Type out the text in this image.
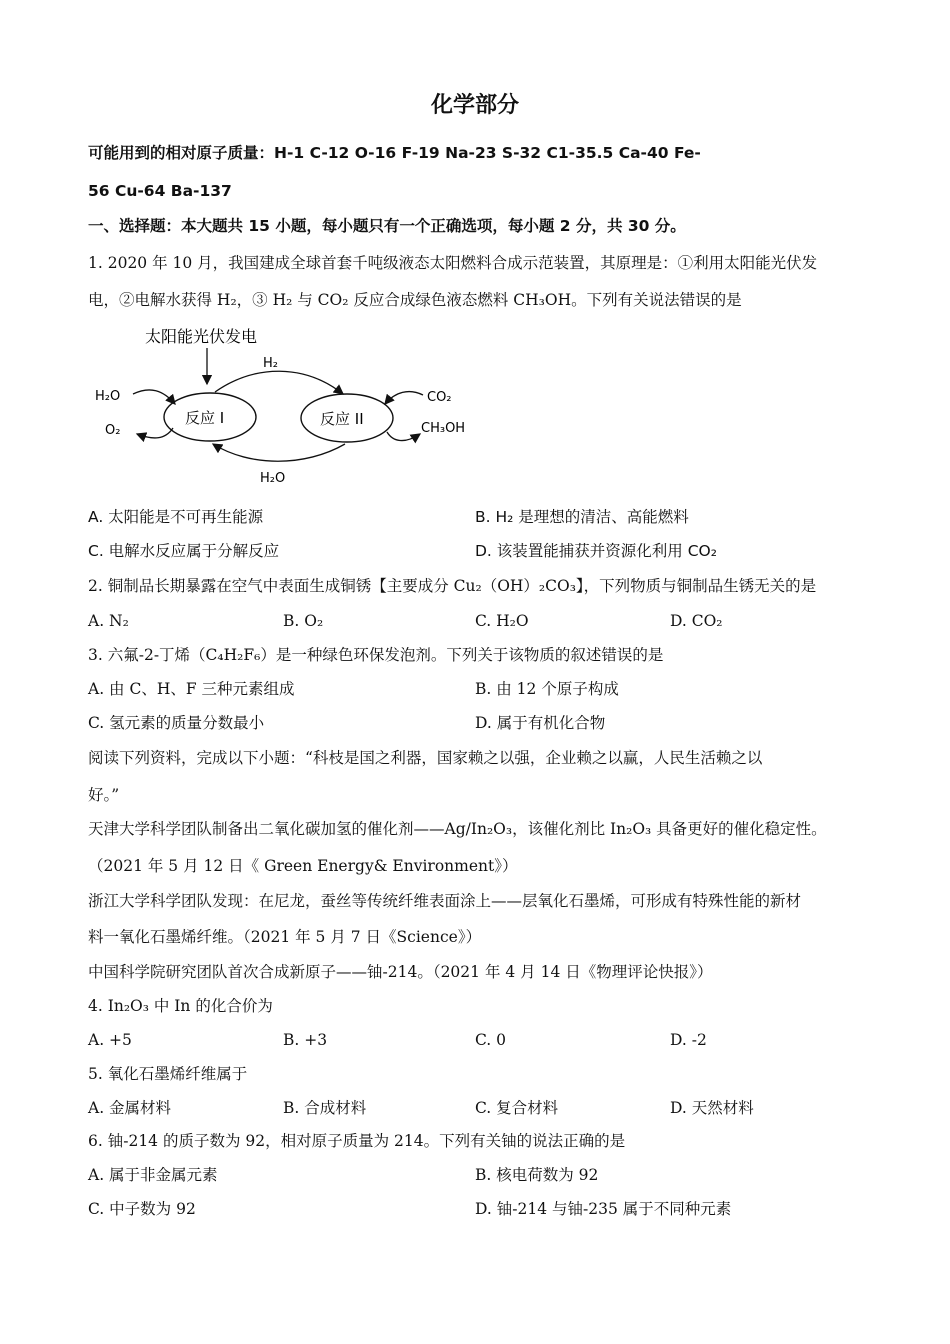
化学部分
可能用到的相对原子质量：H-1 C-12 O-16 F-19 Na-23 S-32 C1-35.5 Ca-40 Fe-
56 Cu-64 Ba-137
一、选择题：本大题共 15 小题，每小题只有一个正确选项，每小题 2 分，共 30 分。
1. 2020 年 10 月，我国建成全球首套千吨级液态太阳燃料合成示范装置，其原理是：①利用太阳能光伏发
电，②电解水获得 H₂，③ H₂ 与 CO₂ 反应合成绿色液态燃料 CH₃OH。下列有关说法错误的是
太阳能光伏发电
反应 I	反应 II
H₂
H₂O
H₂O
O₂
CO₂
CH₃OH
A. 太阳能是不可再生能源	B. H₂ 是理想的清洁、高能燃料
C. 电解水反应属于分解反应	D. 该装置能捕获并资源化利用 CO₂
2. 铜制品长期暴露在空气中表面生成铜锈【主要成分 Cu₂（OH）₂CO₃】，下列物质与铜制品生锈无关的是
A. N₂	B. O₂	C. H₂O	D. CO₂
3. 六氟-2-丁烯（C₄H₂F₆）是一种绿色环保发泡剂。下列关于该物质的叙述错误的是
A. 由 C、H、F 三种元素组成	B. 由 12 个原子构成
C. 氢元素的质量分数最小	D. 属于有机化合物
阅读下列资料，完成以下小题：“科枝是国之利器，国家赖之以强，企业赖之以赢，人民生活赖之以
好。”
天津大学科学团队制备出二氧化碳加氢的催化剂——Ag/In₂O₃，该催化剂比 In₂O₃ 具备更好的催化稳定性。
（2021 年 5 月 12 日《 Green Energy& Environment》）
浙江大学科学团队发现：在尼龙，蚕丝等传统纤维表面涂上——层氧化石墨烯，可形成有特殊性能的新材
料一氧化石墨烯纤维。（2021 年 5 月 7 日《Science》）
中国科学院研究团队首次合成新原子——铀-214。（2021 年 4 月 14 日《物理评论快报》）
4. In₂O₃ 中 In 的化合价为
A. +5	B. +3	C. 0	D. -2
5. 氧化石墨烯纤维属于
A. 金属材料	B. 合成材料	C. 复合材料	D. 天然材料
6. 铀-214 的质子数为 92，相对原子质量为 214。下列有关铀的说法正确的是
A. 属于非金属元素	B. 核电荷数为 92
C. 中子数为 92	D. 铀-214 与铀-235 属于不同种元素
